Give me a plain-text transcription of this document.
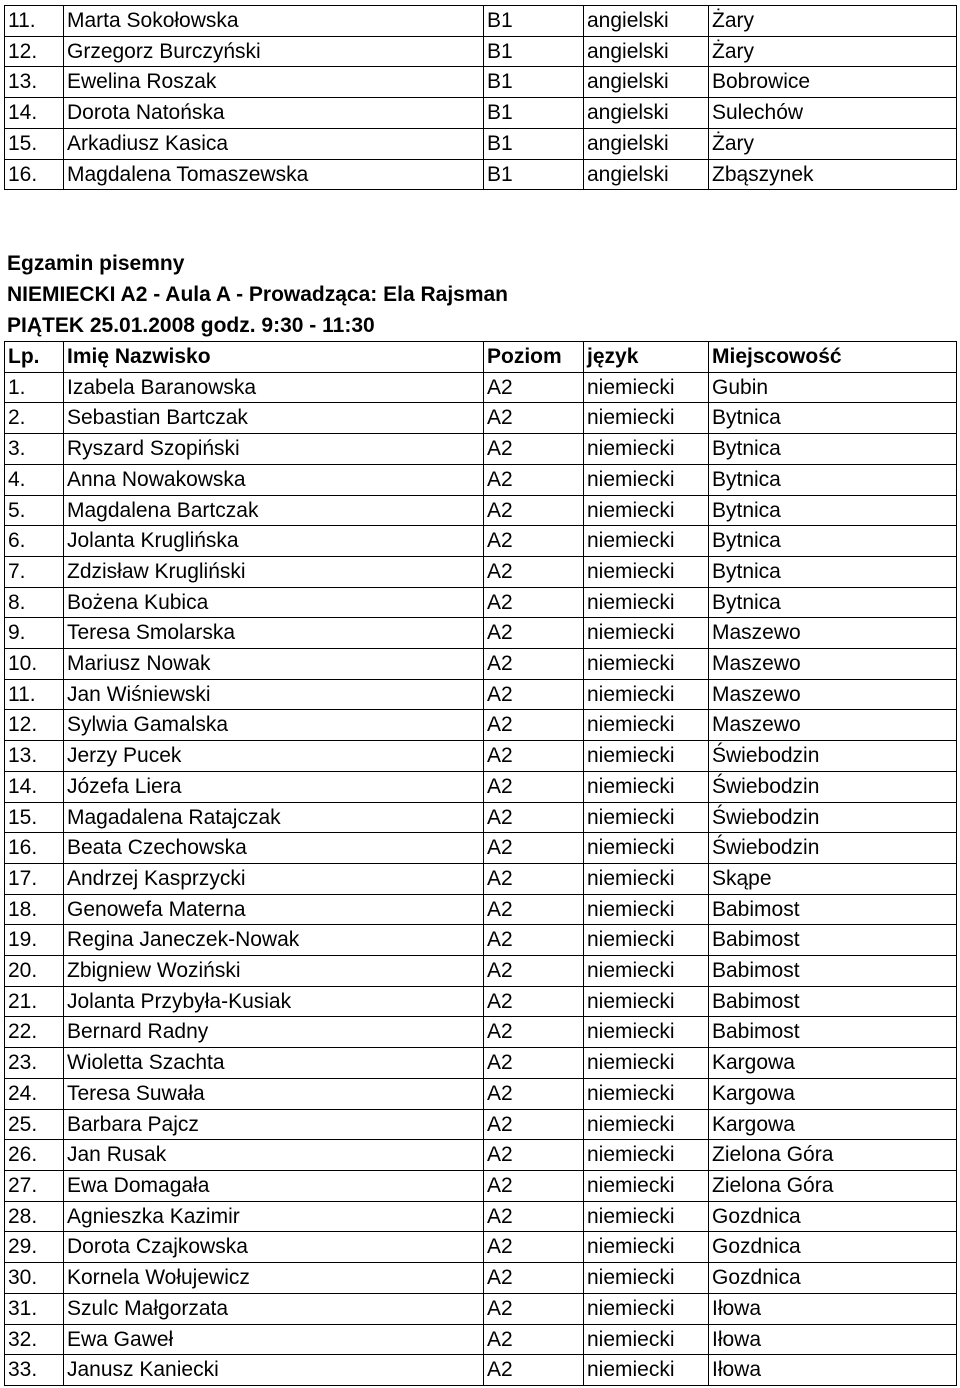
11.	Marta Sokołowska	B1	angielski	Żary
12.	Grzegorz Burczyński	B1	angielski	Żary
13.	Ewelina Roszak	B1	angielski	Bobrowice
14.	Dorota Natońska	B1	angielski	Sulechów
15.	Arkadiusz Kasica	B1	angielski	Żary
16.	Magdalena Tomaszewska	B1	angielski	Zbąszynek
Egzamin pisemny
NIEMIECKI A2 - Aula A - Prowadząca: Ela Rajsman
PIĄTEK 25.01.2008 godz. 9:30 - 11:30
Lp.	Imię Nazwisko	Poziom	język	Miejscowość
1.	Izabela Baranowska	A2	niemiecki	Gubin
2.	Sebastian Bartczak	A2	niemiecki	Bytnica
3.	Ryszard Szopiński	A2	niemiecki	Bytnica
4.	Anna Nowakowska	A2	niemiecki	Bytnica
5.	Magdalena Bartczak	A2	niemiecki	Bytnica
6.	Jolanta Kruglińska	A2	niemiecki	Bytnica
7.	Zdzisław Krugliński	A2	niemiecki	Bytnica
8.	Bożena Kubica	A2	niemiecki	Bytnica
9.	Teresa Smolarska	A2	niemiecki	Maszewo
10.	Mariusz Nowak	A2	niemiecki	Maszewo
11.	Jan Wiśniewski	A2	niemiecki	Maszewo
12.	Sylwia Gamalska	A2	niemiecki	Maszewo
13.	Jerzy Pucek	A2	niemiecki	Świebodzin
14.	Józefa Liera	A2	niemiecki	Świebodzin
15.	Magadalena Ratajczak	A2	niemiecki	Świebodzin
16.	Beata Czechowska	A2	niemiecki	Świebodzin
17.	Andrzej Kasprzycki	A2	niemiecki	Skąpe
18.	Genowefa Materna	A2	niemiecki	Babimost
19.	Regina Janeczek-Nowak	A2	niemiecki	Babimost
20.	Zbigniew Woziński	A2	niemiecki	Babimost
21.	Jolanta Przybyła-Kusiak	A2	niemiecki	Babimost
22.	Bernard Radny	A2	niemiecki	Babimost
23.	Wioletta Szachta	A2	niemiecki	Kargowa
24.	Teresa Suwała	A2	niemiecki	Kargowa
25.	Barbara Pajcz	A2	niemiecki	Kargowa
26.	Jan Rusak	A2	niemiecki	Zielona Góra
27.	Ewa Domagała	A2	niemiecki	Zielona Góra
28.	Agnieszka Kazimir	A2	niemiecki	Gozdnica
29.	Dorota Czajkowska	A2	niemiecki	Gozdnica
30.	Kornela Wołujewicz	A2	niemiecki	Gozdnica
31.	Szulc Małgorzata	A2	niemiecki	Iłowa
32.	Ewa Gaweł	A2	niemiecki	Iłowa
33.	Janusz Kaniecki	A2	niemiecki	Iłowa
